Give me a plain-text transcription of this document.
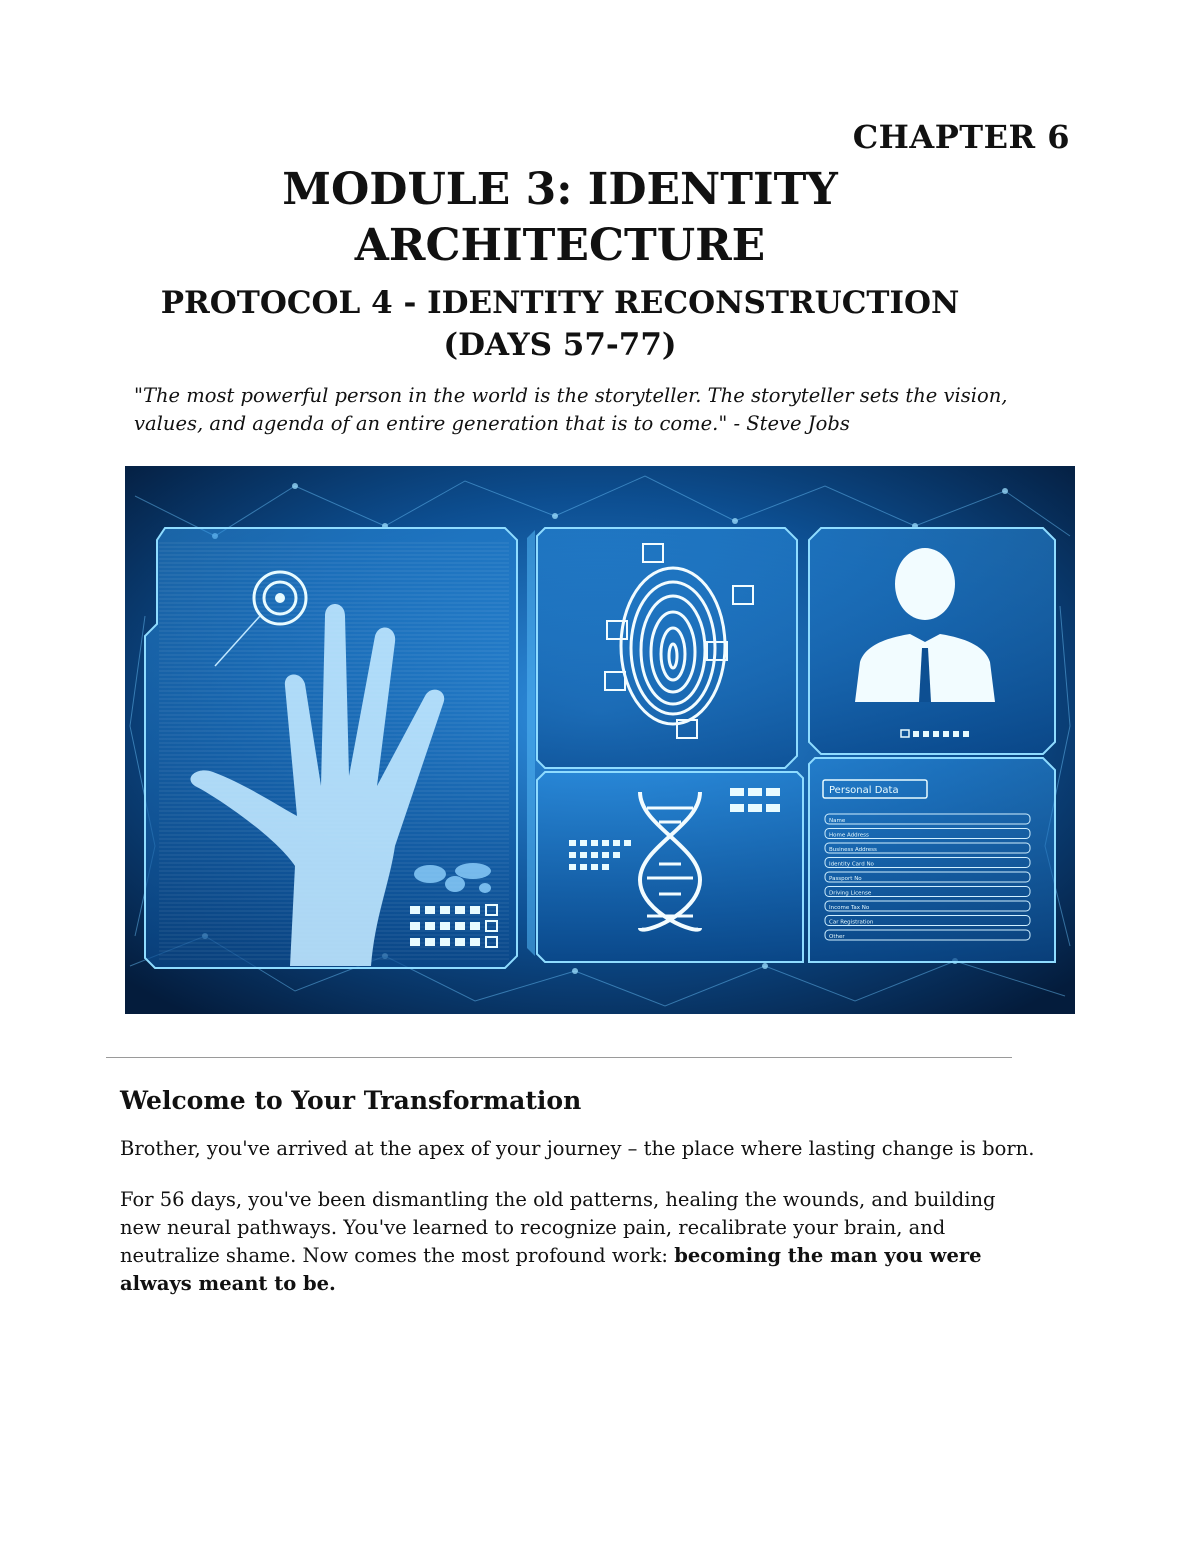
CHAPTER 6
MODULE 3: IDENTITY ARCHITECTURE
PROTOCOL 4 - IDENTITY RECONSTRUCTION (DAYS 57-77)

"The most powerful person in the world is the storyteller. The storyteller sets the vision, values, and agenda of an entire generation that is to come." - Steve Jobs

Personal Data
Name
Home Address
Business Address
Identity Card No
Passport No
Driving License
Income Tax No
Car Registration
Other
Welcome to Your Transformation

Brother, you've arrived at the apex of your journey – the place where lasting change is born.

For 56 days, you've been dismantling the old patterns, healing the wounds, and building new neural pathways. You've learned to recognize pain, recalibrate your brain, and neutralize shame. Now comes the most profound work: becoming the man you were always meant to be.
